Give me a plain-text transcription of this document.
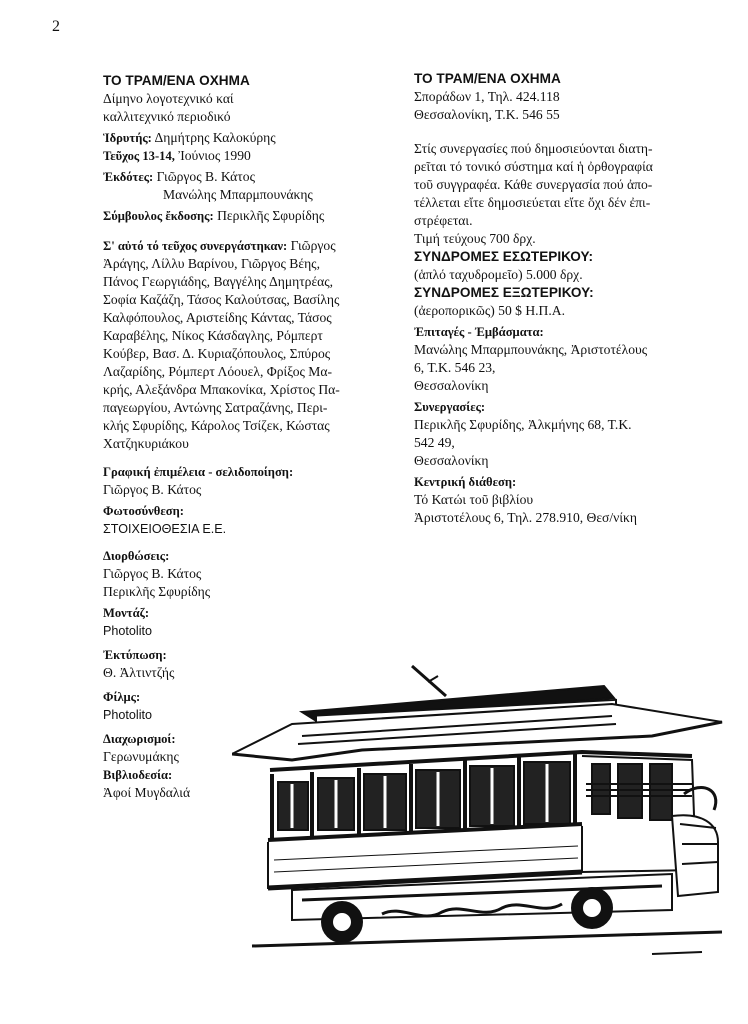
2
ΤΟ ΤΡΑΜ/ΕΝΑ ΟΧΗΜΑ
Δίμηνο λογοτεχνικό καί
καλλιτεχνικό περιοδικό
Ἱδρυτής: Δημήτρης Καλοκύρης
Τεῦχος 13-14, Ἰούνιος 1990
Ἐκδότες: Γιῶργος Β. Κάτος
Μανώλης Μπαρμπουνάκης
Σύμβουλος ἔκδοσης: Περικλῆς Σφυρίδης
Σ' αὐτό τό τεῦχος συνεργάστηκαν: Γιῶργος
Ἀράγης, Λίλλυ Βαρίνου, Γιῶργος Βέης,
Πάνος Γεωργιάδης, Βαγγέλης Δημητρέας,
Σοφία Καζάζη, Τάσος Καλούτσας, Βασίλης
Καλφόπουλος, Αριστείδης Κάντας, Τάσος
Καραβέλης, Νίκος Κάσδαγλης, Ρόμπερτ
Κούβερ, Βασ. Δ. Κυριαζόπουλος, Σπύρος
Λαζαρίδης, Ρόμπερτ Λόουελ, Φρίξος Μα-
κρής, Αλεξάνδρα Μπακονίκα, Χρίστος Πα-
παγεωργίου, Αντώνης Σατραζάνης, Περι-
κλής Σφυρίδης, Κάρολος Τσίζεκ, Κώστας
Χατζηκυριάκου
Γραφική ἐπιμέλεια - σελιδοποίηση:
Γιῶργος Β. Κάτος
Φωτοσύνθεση:
ΣΤΟΙΧΕΙΟΘΕΣΙΑ Ε.Ε.
Διορθώσεις:
Γιῶργος Β. Κάτος
Περικλῆς Σφυρίδης
Μοντάζ:
Photolito
Ἐκτύπωση:
Θ. Ἀλτιντζής
Φίλμς:
Photolito
Διαχωρισμοί:
Γερωνυμάκης
Βιβλιοδεσία:
Ἀφοί Μυγδαλιά
ΤΟ ΤΡΑΜ/ΕΝΑ ΟΧΗΜΑ
Σποράδων 1, Τηλ. 424.118
Θεσσαλονίκη, Τ.Κ. 546 55
Στίς συνεργασίες πού δημοσιεύονται διατη-
ρεῖται τό τονικό σύστημα καί ἡ ὀρθογραφία
τοῦ συγγραφέα. Κάθε συνεργασία πού ἀπο-
τέλλεται εἴτε δημοσιεύεται εἴτε ὄχι δέν ἐπι-
στρέφεται.
Τιμή τεύχους 700 δρχ.
ΣΥΝΔΡΟΜΕΣ ΕΣΩΤΕΡΙΚΟΥ:
(ἁπλό ταχυδρομεῖο) 5.000 δρχ.
ΣΥΝΔΡΟΜΕΣ ΕΞΩΤΕΡΙΚΟΥ:
(ἀεροπορικῶς) 50 $ Η.Π.Α.
Ἐπιταγές - Ἐμβάσματα:
Μανώλης Μπαρμπουνάκης, Ἀριστοτέλους
6, Τ.Κ. 546 23,
Θεσσαλονίκη
Συνεργασίες:
Περικλῆς Σφυρίδης, Ἀλκμήνης 68, Τ.Κ.
542 49,
Θεσσαλονίκη
Κεντρική διάθεση:
Τό Κατώι τοῦ βιβλίου
Ἀριστοτέλους 6, Τηλ. 278.910, Θεσ/νίκη
